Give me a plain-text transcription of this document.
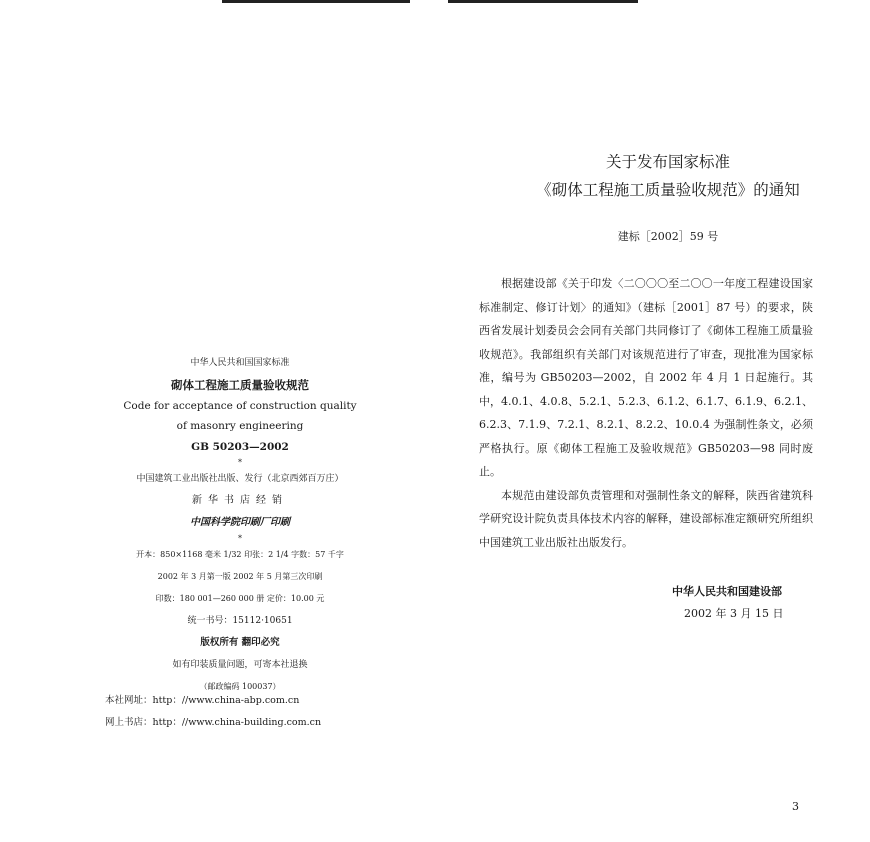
中华人民共和国国家标准
砌体工程施工质量验收规范
Code for acceptance of construction quality
of masonry engineering
GB 50203—2002
*
中国建筑工业出版社出版、发行（北京西郊百万庄）
新华书店经销
中国科学院印刷厂印刷
*
开本：850×1168 毫米 1/32 印张：2 1/4 字数：57 千字
2002 年 3 月第一版 2002 年 5 月第三次印刷
印数：180 001—260 000 册 定价：10.00 元
统一书号：15112·10651
版权所有 翻印必究
如有印装质量问题，可寄本社退换
（邮政编码 100037）
本社网址：http：//www.china-abp.com.cn
网上书店：http：//www.china-building.com.cn
关于发布国家标准
《砌体工程施工质量验收规范》的通知
建标［2002］59 号

根据建设部《关于印发〈二〇〇〇至二〇〇一年度工程建设国家标准制定、修订计划〉的通知》（建标［2001］87 号）的要求，陕西省发展计划委员会会同有关部门共同修订了《砌体工程施工质量验收规范》。我部组织有关部门对该规范进行了审查，现批准为国家标准，编号为 GB50203—2002，自 2002 年 4 月 1 日起施行。其中，4.0.1、4.0.8、5.2.1、5.2.3、6.1.2、6.1.7、6.1.9、6.2.1、6.2.3、7.1.9、7.2.1、8.2.1、8.2.2、10.0.4 为强制性条文，必须严格执行。原《砌体工程施工及验收规范》GB50203—98 同时废止。

本规范由建设部负责管理和对强制性条文的解释，陕西省建筑科学研究设计院负责具体技术内容的解释，建设部标准定额研究所组织中国建筑工业出版社出版发行。

中华人民共和国建设部
2002 年 3 月 15 日
3
